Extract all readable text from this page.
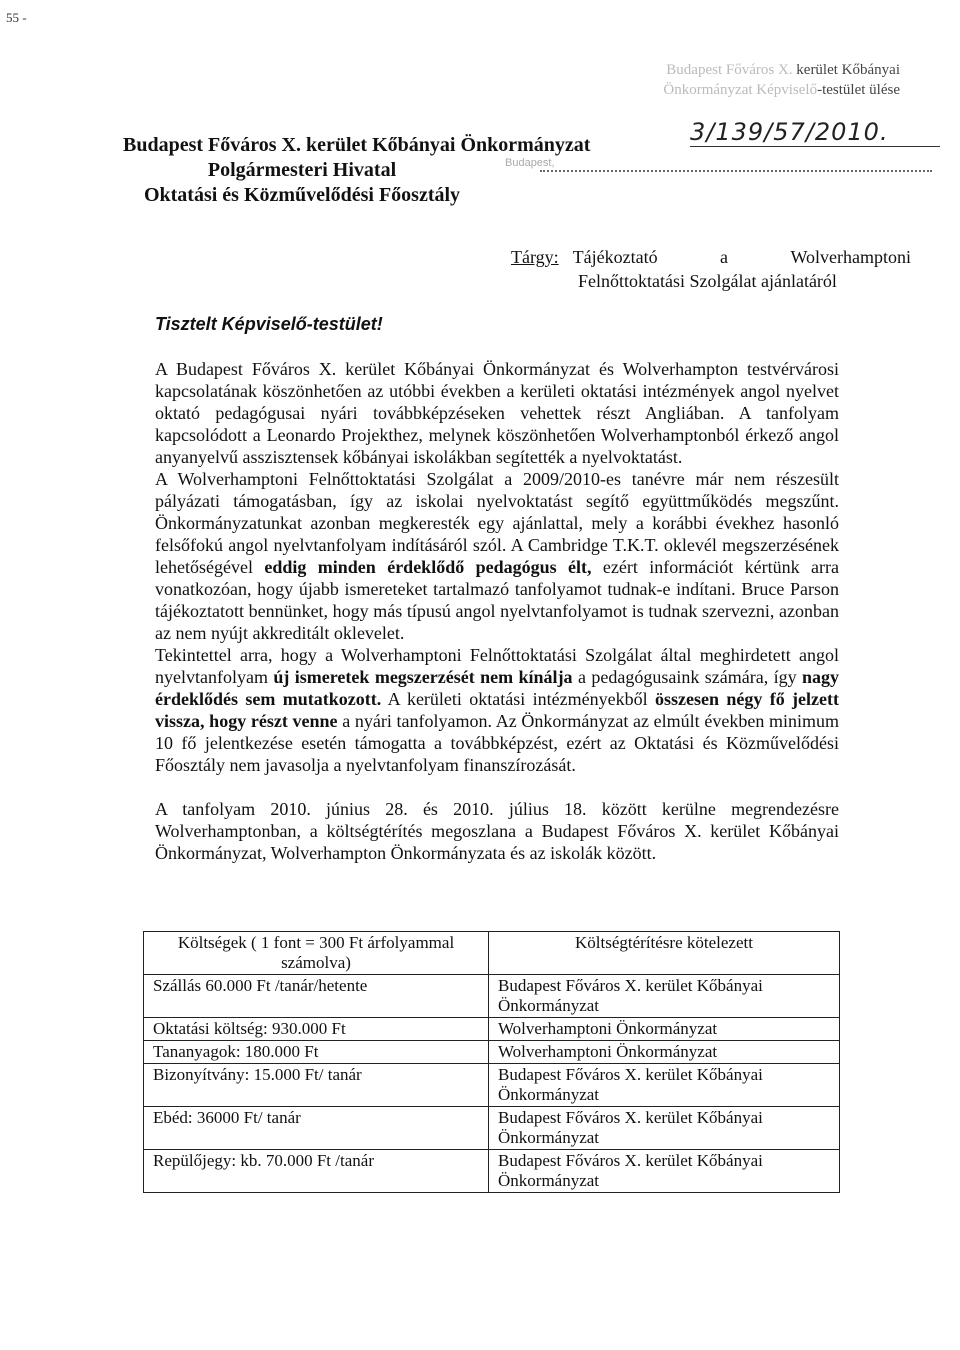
55 -
Budapest Főváros X. kerület Kőbányai
Önkormányzat Képviselő-testület ülése
3/139/57/2010.
Budapest,
Budapest Főváros X. kerület Kőbányai Önkormányzat
Polgármesteri Hivatal
Oktatási és Közművelődési Főosztály
Tárgy: Tájékoztató	a	Wolverhamptoni
Felnőttoktatási Szolgálat ajánlatáról
Tisztelt Képviselő-testület!

A Budapest Főváros X. kerület Kőbányai Önkormányzat és Wolverhampton testvérvárosi kapcsolatának köszönhetően az utóbbi években a kerületi oktatási intézmények angol nyelvet oktató pedagógusai nyári továbbképzéseken vehettek részt Angliában. A tanfolyam kapcsolódott a Leonardo Projekthez, melynek köszönhetően Wolverhamptonból érkező angol anyanyelvű asszisztensek kőbányai iskolákban segítették a nyelvoktatást.

A Wolverhamptoni Felnőttoktatási Szolgálat a 2009/2010-es tanévre már nem részesült pályázati támogatásban, így az iskolai nyelvoktatást segítő együttműködés megszűnt. Önkormányzatunkat azonban megkeresték egy ajánlattal, mely a korábbi évekhez hasonló felsőfokú angol nyelvtanfolyam indításáról szól. A Cambridge T.K.T. oklevél megszerzésének lehetőségével eddig minden érdeklődő pedagógus élt, ezért információt kértünk arra vonatkozóan, hogy újabb ismereteket tartalmazó tanfolyamot tudnak-e indítani. Bruce Parson tájékoztatott bennünket, hogy más típusú angol nyelvtanfolyamot is tudnak szervezni, azonban az nem nyújt akkreditált oklevelet.

Tekintettel arra, hogy a Wolverhamptoni Felnőttoktatási Szolgálat által meghirdetett angol nyelvtanfolyam új ismeretek megszerzését nem kínálja a pedagógusaink számára, így nagy érdeklődés sem mutatkozott. A kerületi oktatási intézményekből összesen négy fő jelzett vissza, hogy részt venne a nyári tanfolyamon. Az Önkormányzat az elmúlt években minimum 10 fő jelentkezése esetén támogatta a továbbképzést, ezért az Oktatási és Közművelődési Főosztály nem javasolja a nyelvtanfolyam finanszírozását.

A tanfolyam 2010. június 28. és 2010. július 18. között kerülne megrendezésre Wolverhamptonban, a költségtérítés megoszlana a Budapest Főváros X. kerület Kőbányai Önkormányzat, Wolverhampton Önkormányzata és az iskolák között.

Költségek ( 1 font = 300 Ft árfolyammal számolva)	Költségtérítésre kötelezett
Szállás 60.000 Ft /tanár/hetente	Budapest Főváros X. kerület Kőbányai Önkormányzat
Oktatási költség: 930.000 Ft	Wolverhamptoni Önkormányzat
Tananyagok: 180.000 Ft	Wolverhamptoni Önkormányzat
Bizonyítvány: 15.000 Ft/ tanár	Budapest Főváros X. kerület Kőbányai Önkormányzat
Ebéd: 36000 Ft/ tanár	Budapest Főváros X. kerület Kőbányai Önkormányzat
Repülőjegy: kb. 70.000 Ft /tanár	Budapest Főváros X. kerület Kőbányai Önkormányzat
